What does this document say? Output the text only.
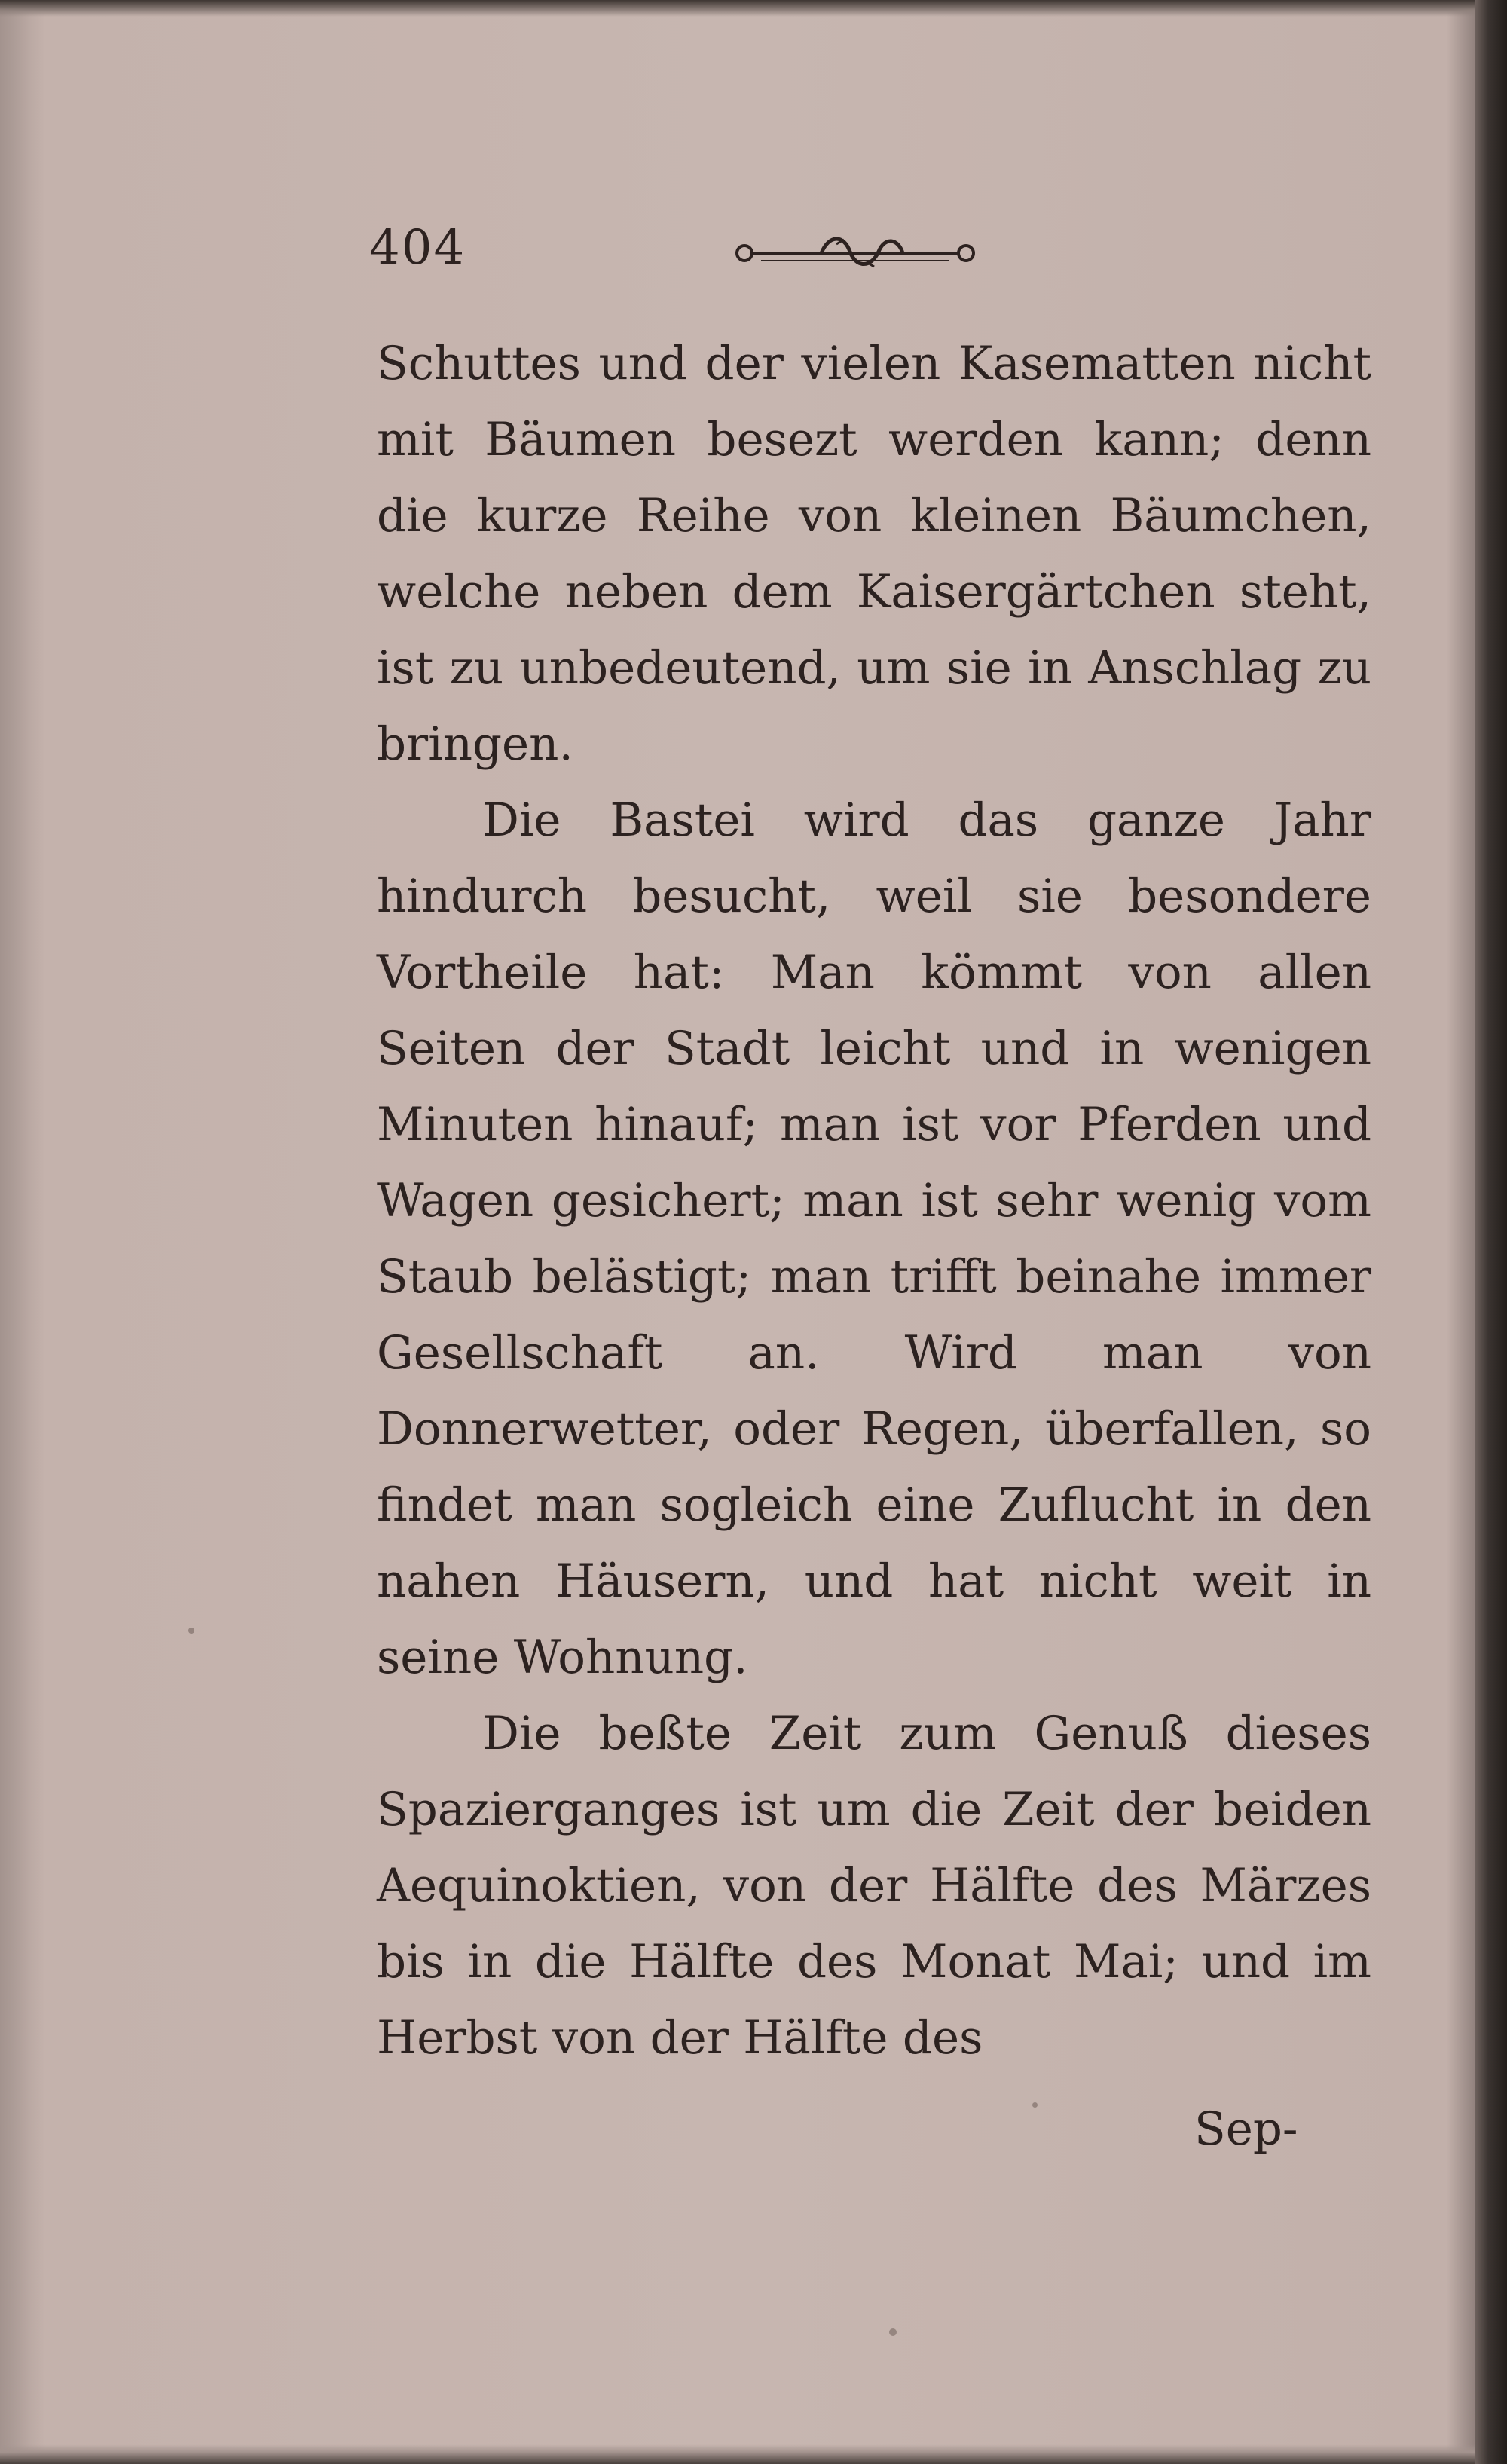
404

Schuttes und der vielen Kasematten nicht mit Bäumen besezt werden kann; denn die kurze Reihe von kleinen Bäumchen, welche neben dem Kaisergärtchen steht, ist zu unbedeutend, um sie in Anschlag zu bringen.

Die Bastei wird das ganze Jahr hindurch besucht, weil sie besondere Vortheile hat: Man kömmt von allen Seiten der Stadt leicht und in wenigen Minuten hinauf; man ist vor Pferden und Wagen gesichert; man ist sehr wenig vom Staub belästigt; man trifft beinahe immer Gesellschaft an. Wird man von Donnerwetter, oder Regen, überfallen, so findet man sogleich eine Zuflucht in den nahen Häusern, und hat nicht weit in seine Wohnung.

Die beßte Zeit zum Genuß dieses Spazierganges ist um die Zeit der beiden Aequinoktien, von der Hälfte des Märzes bis in die Hälfte des Monat Mai; und im Herbst von der Hälfte des

Sep-
